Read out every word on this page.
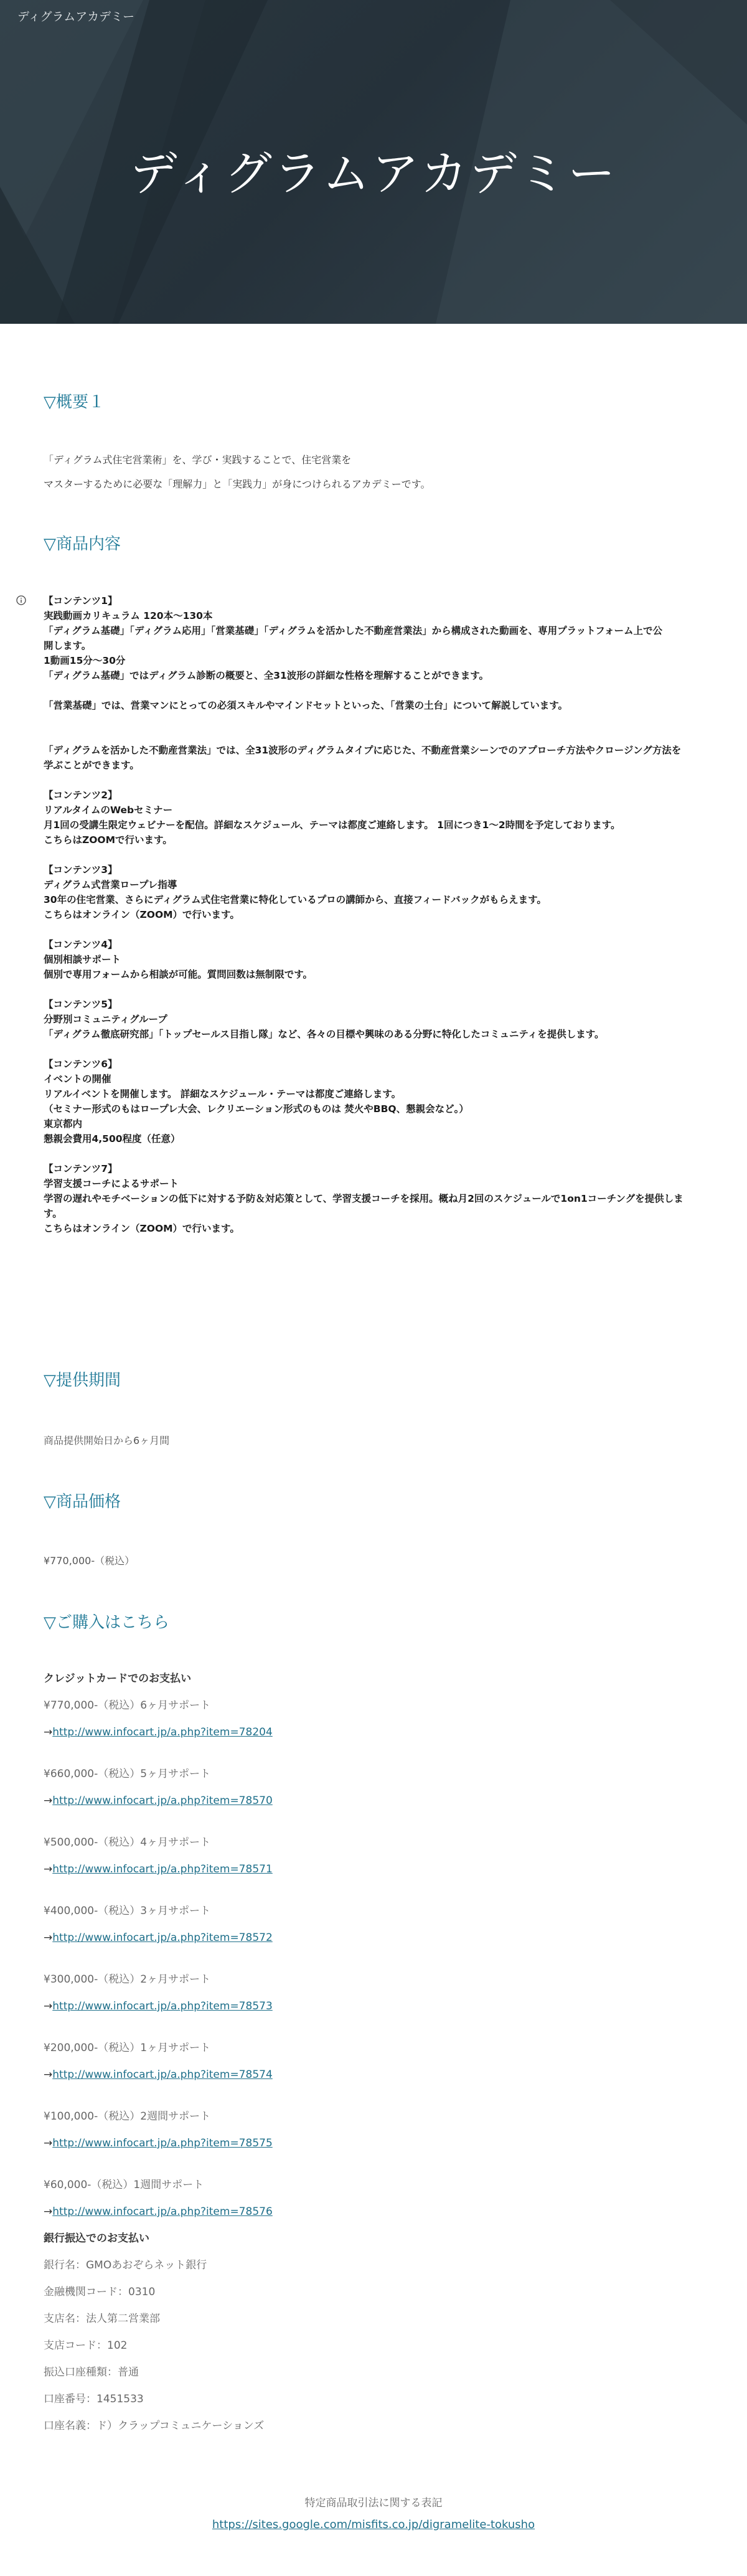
ディグラムアカデミー
ディグラムアカデミー
▽概要１

「ディグラム式住宅営業術」を、学び・実践することで、住宅営業を

マスターするために必要な「理解力」と「実践力」が身につけられるアカデミーです。

▽商品内容
【コンテンツ1】
実践動画カリキュラム 120本〜130本
「ディグラム基礎」「ディグラム応用」「営業基礎」「ディグラムを活かした不動産営業法」から構成された動画を、専用プラットフォーム上で公
開します。
1動画15分〜30分
「ディグラム基礎」ではディグラム診断の概要と、全31波形の詳細な性格を理解することができます。
「営業基礎」では、営業マンにとっての必須スキルやマインドセットといった、「営業の土台」について解説しています。
「ディグラムを活かした不動産営業法」では、全31波形のディグラムタイプに応じた、不動産営業シーンでのアプローチ方法やクロージング方法を
学ぶことができます。
【コンテンツ2】
リアルタイムのWebセミナー
月1回の受講生限定ウェビナーを配信。詳細なスケジュール、テーマは都度ご連絡します。 1回につき1〜2時間を予定しております。
こちらはZOOMで行います。
【コンテンツ3】
ディグラム式営業ロープレ指導
30年の住宅営業、さらにディグラム式住宅営業に特化しているプロの講師から、直接フィードバックがもらえます。
こちらはオンライン（ZOOM）で行います。
【コンテンツ4】
個別相談サポート
個別で専用フォームから相談が可能。質問回数は無制限です。
【コンテンツ5】
分野別コミュニティグループ
「ディグラム徹底研究部」「トップセールス目指し隊」など、各々の目標や興味のある分野に特化したコミュニティを提供します。
【コンテンツ6】
イベントの開催
リアルイベントを開催します。 詳細なスケジュール・テーマは都度ご連絡します。
（セミナー形式のもはロープレ大会、レクリエーション形式のものは 焚火やBBQ、懇親会など。）
東京都内
懇親会費用4,500程度（任意）
【コンテンツ7】
学習支援コーチによるサポート
学習の遅れやモチベーションの低下に対する予防＆対応策として、学習支援コーチを採用。概ね月2回のスケジュールで1on1コーチングを提供しま
す。
こちらはオンライン（ZOOM）で行います。
▽提供期間

商品提供開始日から6ヶ月間

▽商品価格

¥770,000-（税込）

▽ご購入はこちら
クレジットカードでのお支払い
¥770,000-（税込）6ヶ月サポート
→http://www.infocart.jp/a.php?item=78204
¥660,000-（税込）5ヶ月サポート
→http://www.infocart.jp/a.php?item=78570
¥500,000-（税込）4ヶ月サポート
→http://www.infocart.jp/a.php?item=78571
¥400,000-（税込）3ヶ月サポート
→http://www.infocart.jp/a.php?item=78572
¥300,000-（税込）2ヶ月サポート
→http://www.infocart.jp/a.php?item=78573
¥200,000-（税込）1ヶ月サポート
→http://www.infocart.jp/a.php?item=78574
¥100,000-（税込）2週間サポート
→http://www.infocart.jp/a.php?item=78575
¥60,000-（税込）1週間サポート
→http://www.infocart.jp/a.php?item=78576
銀行振込でのお支払い
銀行名：GMOあおぞらネット銀行
金融機関コード：0310
支店名：法人第二営業部
支店コード：102
振込口座種類：普通
口座番号：1451533
口座名義：ド）クラップコミュニケーションズ
特定商品取引法に関する表記
https://sites.google.com/misfits.co.jp/digramelite-tokusho
